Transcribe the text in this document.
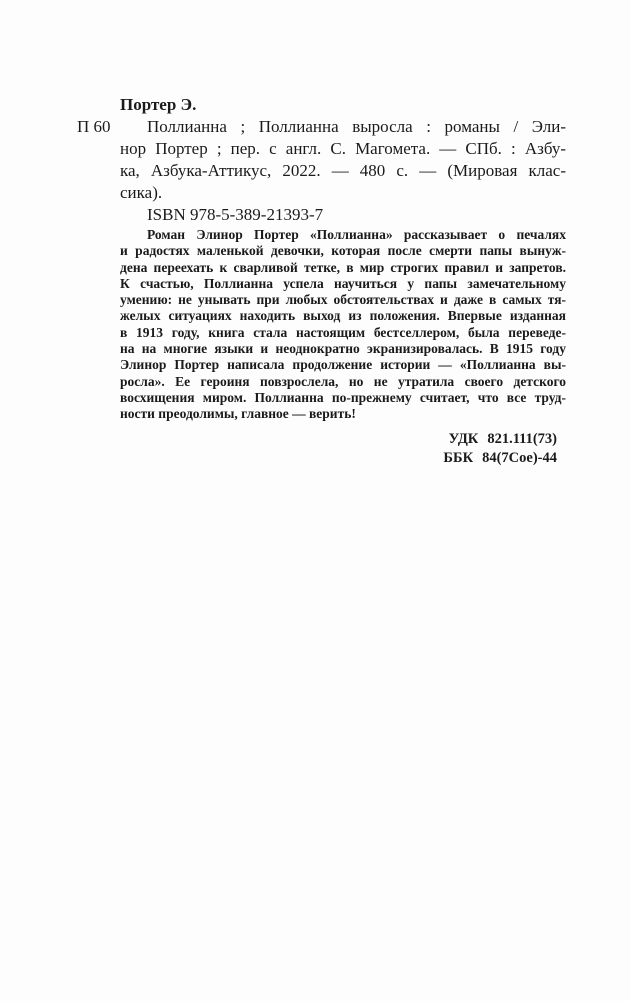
Портер Э.

П 60	Поллианна ; Поллианна выросла : романы / Эли-
нор Портер ; пер. с англ. С. Магомета. — СПб. : Азбу-
ка, Азбука-Аттикус, 2022. — 480 с. — (Мировая клас-
сика).

ISBN 978-5-389-21393-7

Роман Элинор Портер «Поллианна» рассказывает о печалях
и радостях маленькой девочки, которая после смерти папы вынуж-
дена переехать к сварливой тетке, в мир строгих правил и запретов.
К счастью, Поллианна успела научиться у папы замечательному
умению: не унывать при любых обстоятельствах и даже в самых тя-
желых ситуациях находить выход из положения. Впервые изданная
в 1913 году, книга стала настоящим бестселлером, была переведе-
на на многие языки и неоднократно экранизировалась. В 1915 году
Элинор Портер написала продолжение истории — «Поллианна вы-
росла». Ее героиня повзрослела, но не утратила своего детского
восхищения миром. Поллианна по-прежнему считает, что все труд-
ности преодолимы, главное — верить!
УДК 821.111(73)
ББК 84(7Сое)-44
